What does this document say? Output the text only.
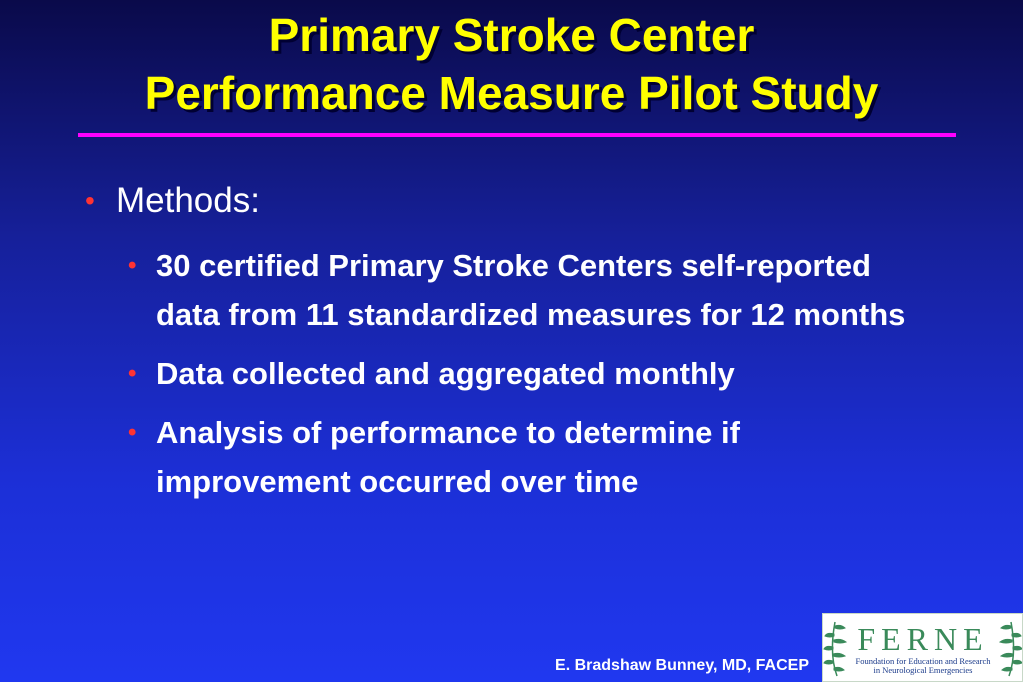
Primary Stroke Center
Performance Measure Pilot Study
• Methods:
• 30 certified Primary Stroke Centers self-reported data from 11 standardized measures for 12 months
• Data collected and aggregated monthly
• Analysis of performance to determine if improvement occurred over time
E. Bradshaw Bunney, MD, FACEP
FERNE
Foundation for Education and Research
in Neurological Emergencies
